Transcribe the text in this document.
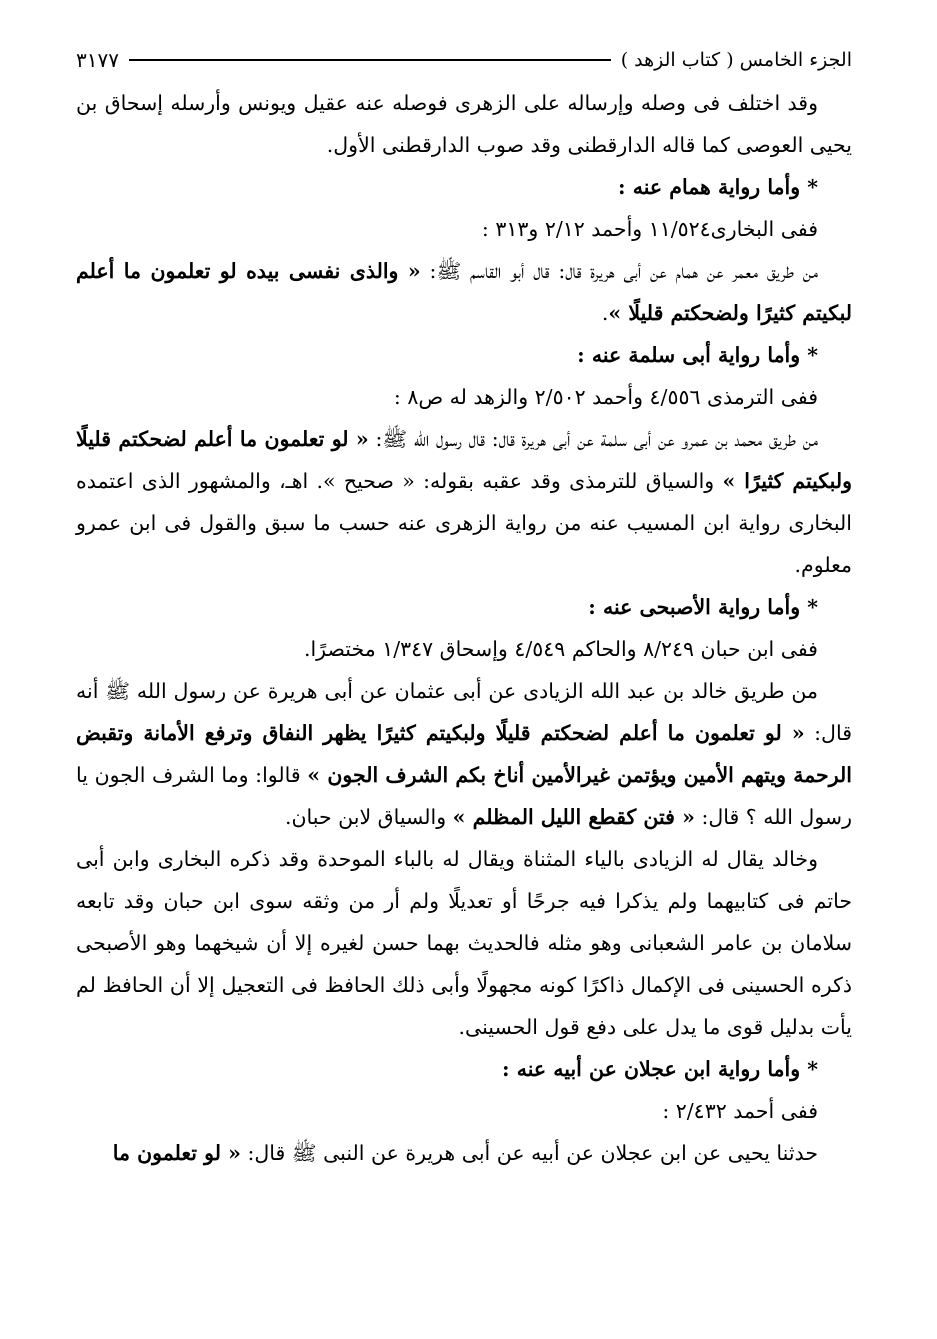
الجزء الخامس ( كتاب الزهد )
٣١٧٧

وقد اختلف فى وصله وإرساله على الزهرى فوصله عنه عقيل ويونس وأرسله إسحاق بن يحيى العوصى كما قاله الدارقطنى وقد صوب الدارقطنى الأول.

* وأما رواية همام عنه :

ففى البخارى١١/٥٢٤ وأحمد ٢/١٢ و٣١٣ :

من طريق معمر عن همام عن أبى هريرة قال: قال أبو القاسم ﷺ: « والذى نفسى بيده لو تعلمون ما أعلم لبكيتم كثيرًا ولضحكتم قليلًا ».

* وأما رواية أبى سلمة عنه :

ففى الترمذى ٤/٥٥٦ وأحمد ٢/٥٠٢ والزهد له ص٨ :

من طريق محمد بن عمرو عن أبى سلمة عن أبى هريرة قال: قال رسول الله ﷺ: « لو تعلمون ما أعلم لضحكتم قليلًا ولبكيتم كثيرًا » والسياق للترمذى وقد عقبه بقوله: « صحيح ». اهـ، والمشهور الذى اعتمده البخارى رواية ابن المسيب عنه من رواية الزهرى عنه حسب ما سبق والقول فى ابن عمرو معلوم.

* وأما رواية الأصبحى عنه :

ففى ابن حبان ٨/٢٤٩ والحاكم ٤/٥٤٩ وإسحاق ١/٣٤٧ مختصرًا.

من طريق خالد بن عبد الله الزيادى عن أبى عثمان عن أبى هريرة عن رسول الله ﷺ أنه قال: « لو تعلمون ما أعلم لضحكتم قليلًا ولبكيتم كثيرًا يظهر النفاق وترفع الأمانة وتقبض الرحمة ويتهم الأمين ويؤتمن غيرالأمين أناخ بكم الشرف الجون » قالوا: وما الشرف الجون يا رسول الله ؟ قال: « فتن كقطع الليل المظلم » والسياق لابن حبان.

وخالد يقال له الزيادى بالياء المثناة ويقال له بالباء الموحدة وقد ذكره البخارى وابن أبى حاتم فى كتابيهما ولم يذكرا فيه جرحًا أو تعديلًا ولم أر من وثقه سوى ابن حبان وقد تابعه سلامان بن عامر الشعبانى وهو مثله فالحديث بهما حسن لغيره إلا أن شيخهما وهو الأصبحى ذكره الحسينى فى الإكمال ذاكرًا كونه مجهولًا وأبى ذلك الحافظ فى التعجيل إلا أن الحافظ لم يأت بدليل قوى ما يدل على دفع قول الحسينى.

* وأما رواية ابن عجلان عن أبيه عنه :

ففى أحمد ٢/٤٣٢ :

حدثنا يحيى عن ابن عجلان عن أبيه عن أبى هريرة عن النبى ﷺ قال: « لو تعلمون ما
